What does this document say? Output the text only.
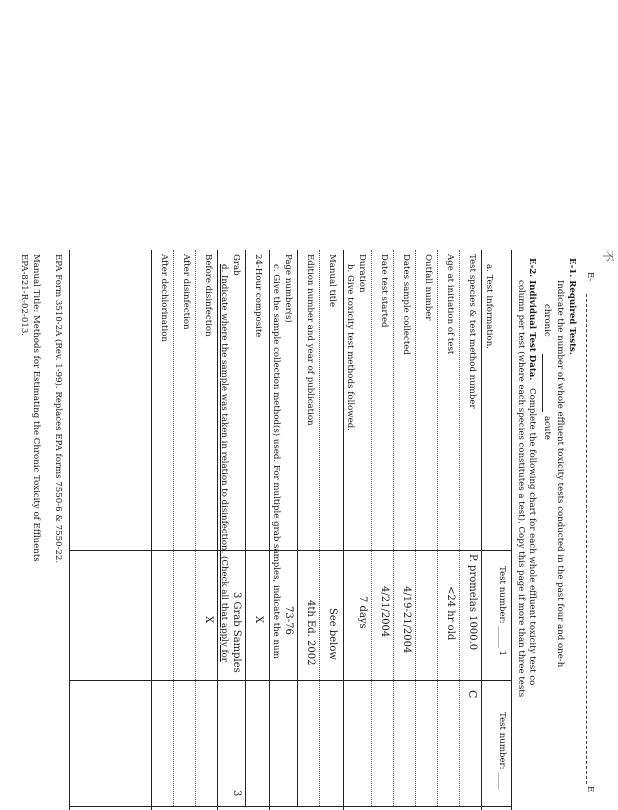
不
E-
E
E-1. Required Tests.
Indicate the number of whole effluent toxicity tests conducted in the past four and one-h
chronic
acute
E-2. Individual Test Data.
Complete the following chart for each whole effluent toxicity test co
column per test (where each species constitutes a test). Copy this page if more than three tests
Test number: _____ 1
Test number: ____
a. Test information.
Test species & test method number
P. promelas 1000.0
C
Age at initiation of test
<24 hr old
Outfall number
Dates sample collected
4/19-21/2004
Date test started
4/21/2004
Duration
7 days
b. Give toxicity test methods followed.
Manual title
See below
Edition number and year of publication
4th Ed. 2002
Page number(s)
73-76
c. Give the sample collection method(s) used. For multiple grab samples, indicate the num
24-Hour composite
X
Grab
3 Grab Samples
3
d. Indicate where the sample was taken in relation to disinfection. (Check all that apply for
Before disinfection
X
After disinfection
After dechlorination
EPA Form 3510-2A (Rev. 1-99). Replaces EPA forms 7550-6 & 7550-22.
Manual Title: Methods for Estimating the Chronic Toxicity of Effluents
EPA-821-R-02-013.
